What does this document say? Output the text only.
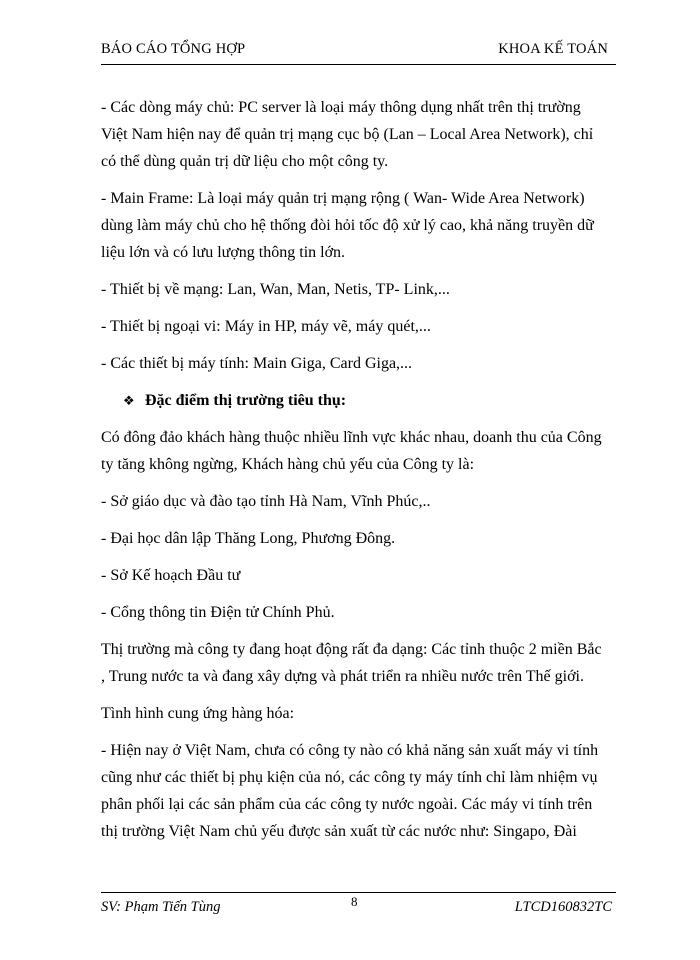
BÁO CÁO TỔNG HỢP	KHOA KẾ TOÁN

- Các dòng máy chủ: PC server là loại máy thông dụng nhất trên thị trường
Việt Nam hiện nay để quản trị mạng cục bộ (Lan – Local Area Network), chỉ
có thể dùng quản trị dữ liệu cho một công ty.

- Main Frame: Là loại máy quản trị mạng rộng ( Wan- Wide Area Network)
dùng làm máy chủ cho hệ thống đòi hỏi tốc độ xử lý cao, khả năng truyền dữ
liệu lớn và có lưu lượng thông tin lớn.

- Thiết bị về mạng: Lan, Wan, Man, Netis, TP- Link,...

- Thiết bị ngoại vi: Máy in HP, máy vẽ, máy quét,...

- Các thiết bị máy tính: Main Giga, Card Giga,...

❖ Đặc điểm thị trường tiêu thụ:

Có đông đảo khách hàng thuộc nhiều lĩnh vực khác nhau, doanh thu của Công
ty tăng không ngừng, Khách hàng chủ yếu của Công ty là:

- Sở giáo dục và đào tạo tỉnh Hà Nam, Vĩnh Phúc,..

- Đại học dân lập Thăng Long, Phương Đông.

- Sở Kế hoạch Đầu tư

- Cổng thông tin Điện tử Chính Phủ.

Thị trường mà công ty đang hoạt động rất đa dạng: Các tỉnh thuộc 2 miền Bắc
, Trung nước ta và đang xây dựng và phát triển ra nhiều nước trên Thế giới.

Tình hình cung ứng hàng hóa:

- Hiện nay ở Việt Nam, chưa có công ty nào có khả năng sản xuất máy vi tính
cũng như các thiết bị phụ kiện của nó, các công ty máy tính chỉ làm nhiệm vụ
phân phối lại các sản phẩm của các công ty nước ngoài. Các máy vi tính trên
thị trường Việt Nam chủ yếu được sản xuất từ các nước như: Singapo, Đài

SV: Phạm Tiến Tùng	8	LTCD160832TC
